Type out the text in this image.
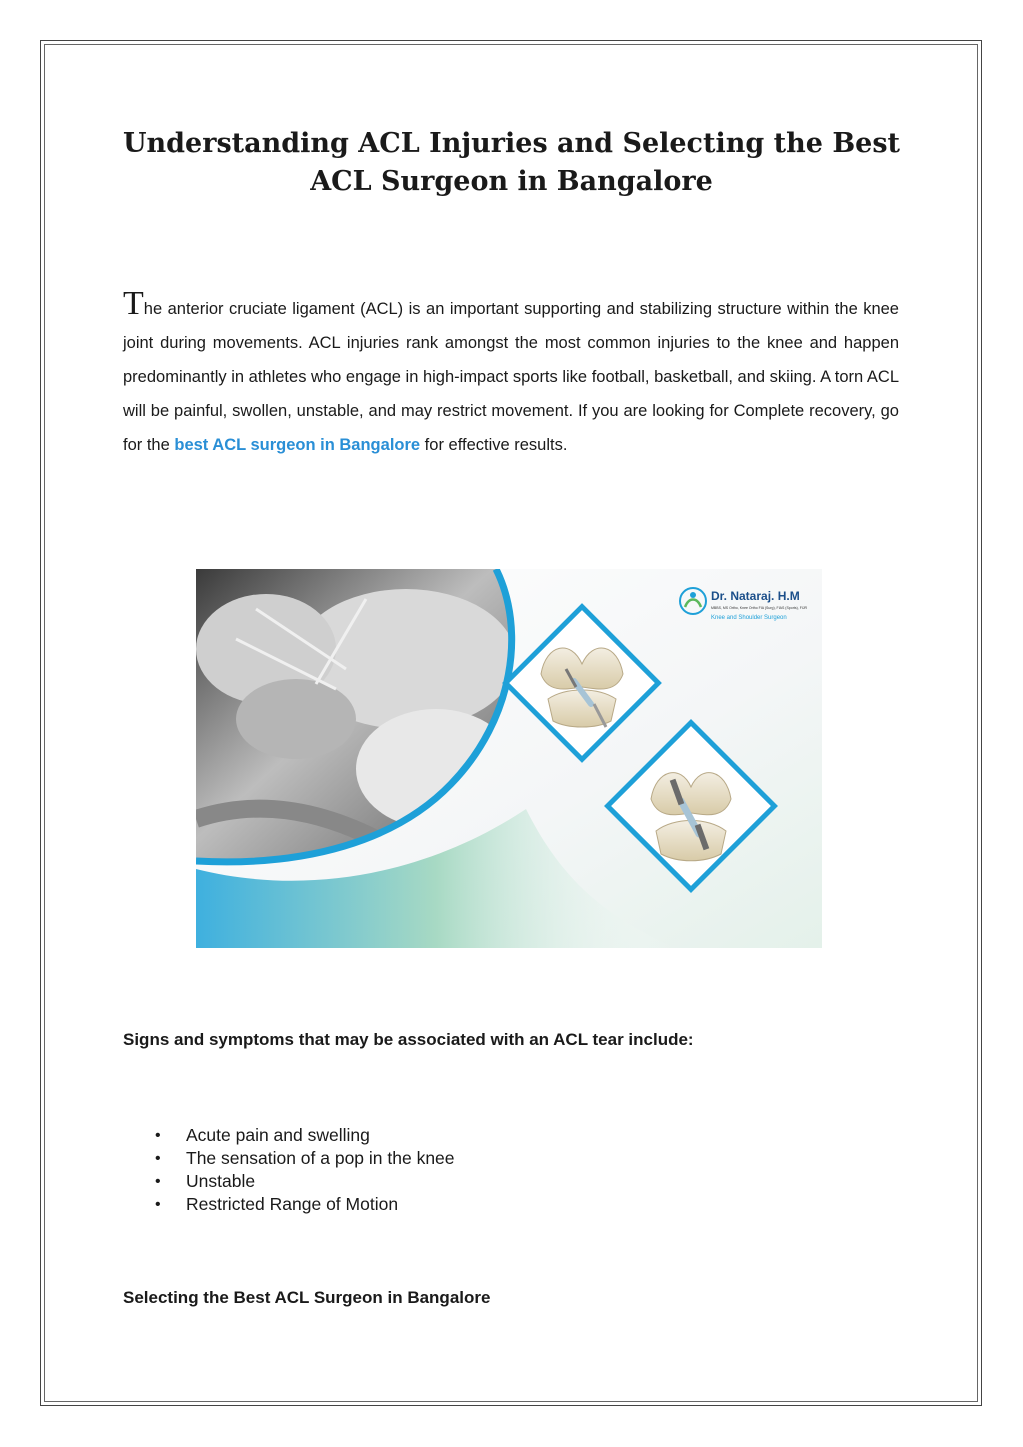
Understanding ACL Injuries and Selecting the Best ACL Surgeon in Bangalore

The anterior cruciate ligament (ACL) is an important supporting and stabilizing structure within the knee joint during movements. ACL injuries rank amongst the most common injuries to the knee and happen predominantly in athletes who engage in high-impact sports like football, basketball, and skiing. A torn ACL will be painful, swollen, unstable, and may restrict movement. If you are looking for Complete recovery, go for the best ACL surgeon in Bangalore for effective results.

Dr. Nataraj. H.M
MBBS, MS Ortho, Knee Ortho FIA (Surg), FIAS (Sports), FIJR
Knee and Shoulder Surgeon
Signs and symptoms that may be associated with an ACL tear include:
• Acute pain and swelling
• The sensation of a pop in the knee
• Unstable
• Restricted Range of Motion
Selecting the Best ACL Surgeon in Bangalore
